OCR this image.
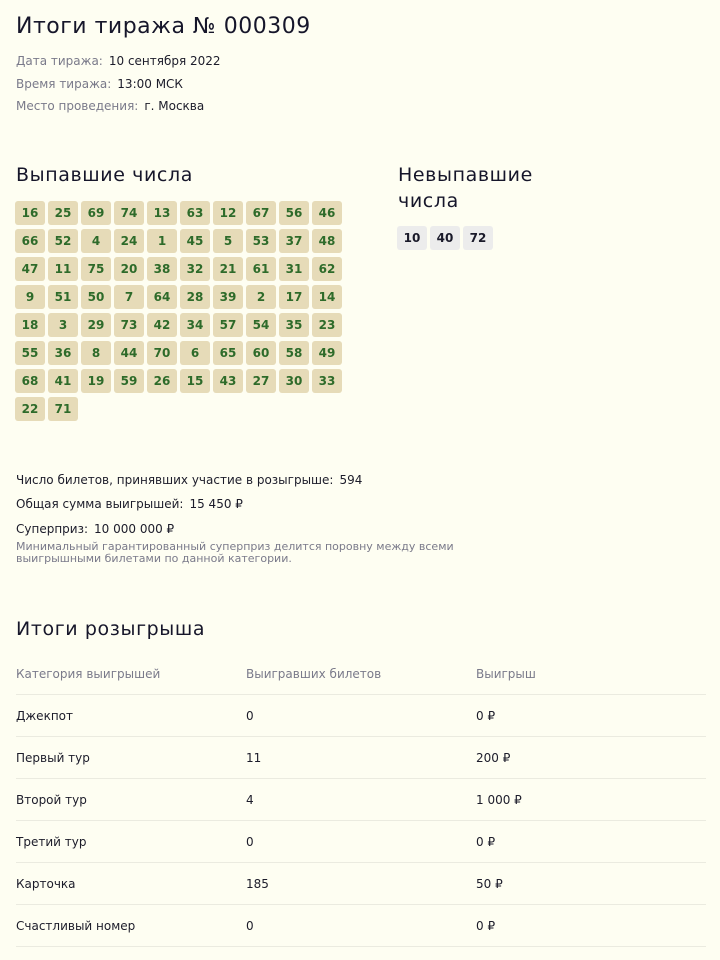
Итоги тиража № 000309
Дата тиража: 10 сентября 2022
Время тиража: 13:00 МСК
Место проведения: г. Москва
Выпавшие числа
16	25	69	74	13	63	12	67	56	46
66	52	4	24	1	45	5	53	37	48
47	11	75	20	38	32	21	61	31	62
9	51	50	7	64	28	39	2	17	14
18	3	29	73	42	34	57	54	35	23
55	36	8	44	70	6	65	60	58	49
68	41	19	59	26	15	43	27	30	33
22	71
Невыпавшие
числа
10	40	72
Число билетов, принявших участие в розыгрыше: 594
Общая сумма выигрышей: 15 450 ₽
Суперприз: 10 000 000 ₽
Минимальный гарантированный суперприз делится поровну между всеми выигрышными билетами по данной категории.
Итоги розыгрыша
Категория выигрышей	Выигравших билетов	Выигрыш
Джекпот	0	0 ₽
Первый тур	11	200 ₽
Второй тур	4	1 000 ₽
Третий тур	0	0 ₽
Карточка	185	50 ₽
Счастливый номер	0	0 ₽
